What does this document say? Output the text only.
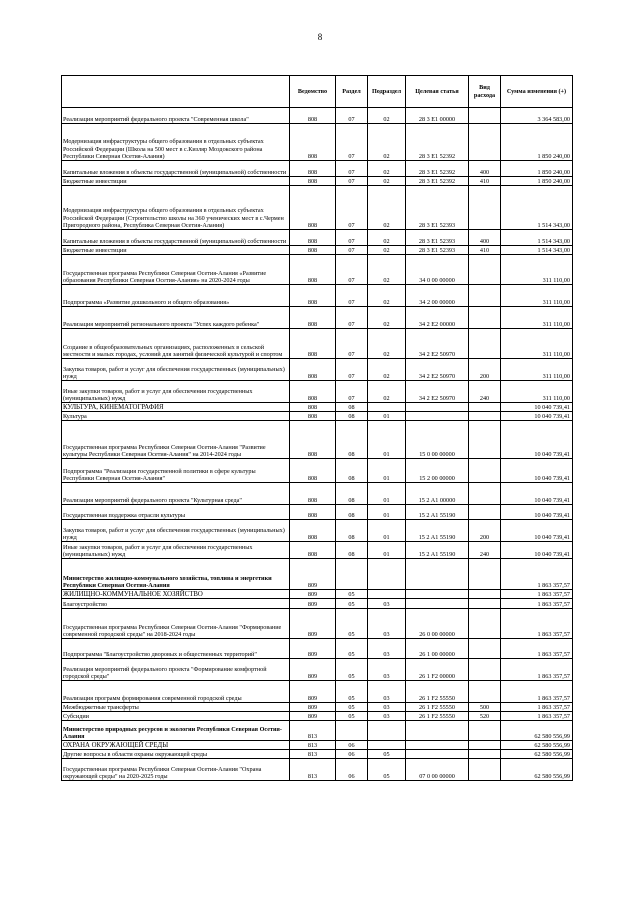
8
	Ведомство	Раздел	Подраздел	Целевая статья	Вид расхода	Сумма изменения (+)
Реализация мероприятий федерального проекта "Современная школа"	808	07	02	28 3 E1 00000		3 364 583,00
Модернизация инфраструктуры общего образования в отдельных субъектах Российской Федерации (Школа на 500 мест в с.Кизляр Моздокского района Республики Северная Осетия-Алания)	808	07	02	28 3 E1 52392		1 850 240,00
Капитальные вложения в объекты государственной (муниципальной) собственности	808	07	02	28 3 E1 52392	400	1 850 240,00
Бюджетные инвестиции	808	07	02	28 3 E1 52392	410	1 850 240,00
Модернизация инфраструктуры общего образования в отдельных субъектах Российской Федерации (Строительство школы на 360 ученических мест в с.Чермен Пригородного района, Республика Северная Осетия-Алания)	808	07	02	28 3 E1 52393		1 514 343,00
Капитальные вложения в объекты государственной (муниципальной) собственности	808	07	02	28 3 E1 52393	400	1 514 343,00
Бюджетные инвестиции	808	07	02	28 3 E1 52393	410	1 514 343,00
Государственная программа Республики Северная Осетия-Алания «Развитие образования Республики Северная Осетия-Алания» на 2020-2024 годы	808	07	02	34 0 00 00000		311 110,00
Подпрограмма «Развитие дошкольного и общего образования»	808	07	02	34 2 00 00000		311 110,00
Реализация мероприятий регионального проекта "Успех каждого ребенка"	808	07	02	34 2 E2 00000		311 110,00
Создание в общеобразовательных организациях, расположенных в сельской местности и малых городах, условий для занятий физической культурой и спортом	808	07	02	34 2 E2 50970		311 110,00
Закупка товаров, работ и услуг для обеспечения государственных (муниципальных) нужд	808	07	02	34 2 E2 50970	200	311 110,00
Иные закупки товаров, работ и услуг для обеспечения государственных (муниципальных) нужд	808	07	02	34 2 E2 50970	240	311 110,00
КУЛЬТУРА, КИНЕМАТОГРАФИЯ	808	08				10 040 739,41
Культура	808	08	01			10 040 739,41
Государственная программа Республики Северная Осетия-Алания "Развитие культуры Республики Северная Осетия-Алания" на 2014-2024 годы	808	08	01	15 0 00 00000		10 040 739,41
Подпрограмма "Реализация государственной политики в сфере культуры Республики Северная Осетия-Алания"	808	08	01	15 2 00 00000		10 040 739,41
Реализация мероприятий федерального проекта "Культурная среда"	808	08	01	15 2 A1 00000		10 040 739,41
Государственная поддержка отрасли культуры	808	08	01	15 2 A1 55190		10 040 739,41
Закупка товаров, работ и услуг для обеспечения государственных (муниципальных) нужд	808	08	01	15 2 A1 55190	200	10 040 739,41
Иные закупки товаров, работ и услуг для обеспечения государственных (муниципальных) нужд	808	08	01	15 2 A1 55190	240	10 040 739,41
Министерство жилищно-коммунального хозяйства, топлива и энергетики Республики Северная Осетия-Алания	809					1 863 357,57
ЖИЛИЩНО-КОММУНАЛЬНОЕ ХОЗЯЙСТВО	809	05				1 863 357,57
Благоустройство	809	05	03			1 863 357,57
Государственная программа Республики Северная Осетия-Алания "Формирование современной городской среды" на 2018-2024 годы	809	05	03	26 0 00 00000		1 863 357,57
Подпрограмма "Благоустройство дворовых и общественных территорий"	809	05	03	26 1 00 00000		1 863 357,57
Реализация мероприятий федерального проекта "Формирование комфортной городской среды"	809	05	03	26 1 F2 00000		1 863 357,57
Реализация программ формирования современной городской среды	809	05	03	26 1 F2 55550		1 863 357,57
Межбюджетные трансферты	809	05	03	26 1 F2 55550	500	1 863 357,57
Субсидии	809	05	03	26 1 F2 55550	520	1 863 357,57
Министерство природных ресурсов и экологии Республики Северная Осетия-Алания	813					62 580 556,99
ОХРАНА ОКРУЖАЮЩЕЙ СРЕДЫ	813	06				62 580 556,99
Другие вопросы в области охраны окружающей среды	813	06	05			62 580 556,99
Государственная программа Республики Северная Осетия-Алания "Охрана окружающей среды" на 2020-2025 годы	813	06	05	07 0 00 00000		62 580 556,99
